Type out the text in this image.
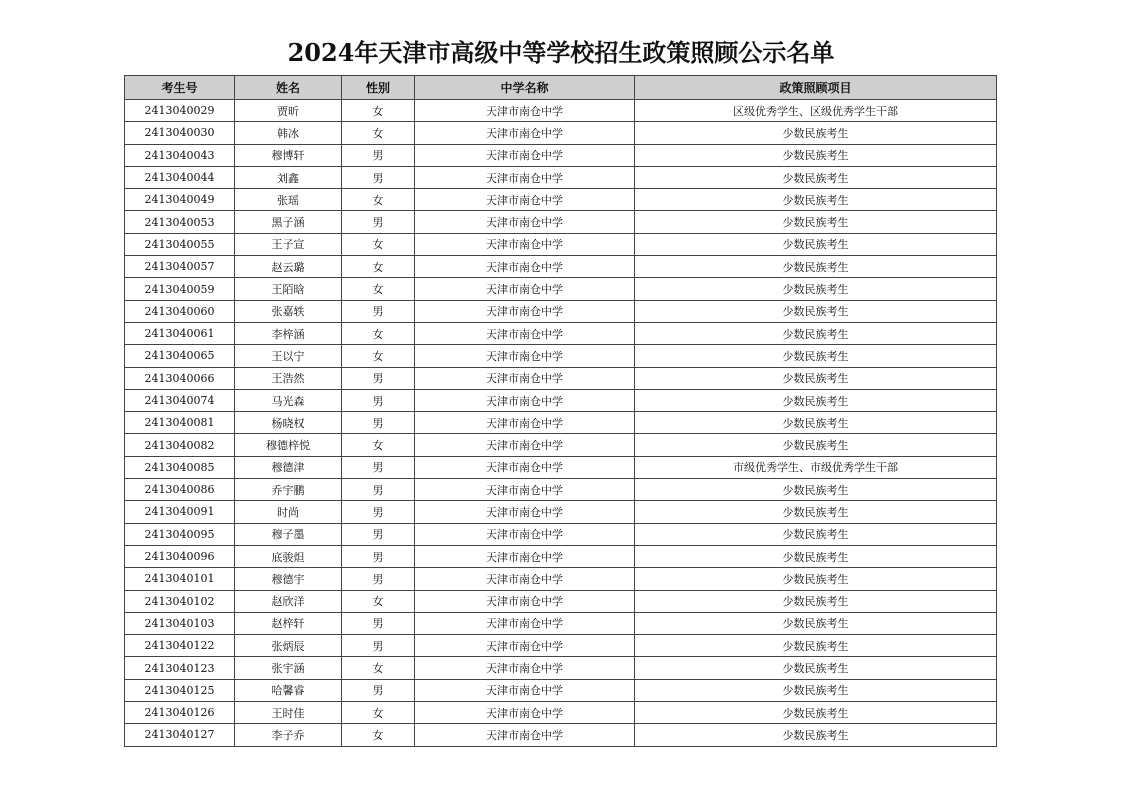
2024年天津市高级中等学校招生政策照顾公示名单
考生号	姓名	性别	中学名称	政策照顾项目
2413040029	贾昕	女	天津市南仓中学	区级优秀学生、区级优秀学生干部
2413040030	韩冰	女	天津市南仓中学	少数民族考生
2413040043	穆博轩	男	天津市南仓中学	少数民族考生
2413040044	刘鑫	男	天津市南仓中学	少数民族考生
2413040049	张瑶	女	天津市南仓中学	少数民族考生
2413040053	黑子涵	男	天津市南仓中学	少数民族考生
2413040055	王子宣	女	天津市南仓中学	少数民族考生
2413040057	赵云璐	女	天津市南仓中学	少数民族考生
2413040059	王陌晗	女	天津市南仓中学	少数民族考生
2413040060	张嘉轶	男	天津市南仓中学	少数民族考生
2413040061	李梓涵	女	天津市南仓中学	少数民族考生
2413040065	王以宁	女	天津市南仓中学	少数民族考生
2413040066	王浩然	男	天津市南仓中学	少数民族考生
2413040074	马光森	男	天津市南仓中学	少数民族考生
2413040081	杨晓权	男	天津市南仓中学	少数民族考生
2413040082	穆德梓悦	女	天津市南仓中学	少数民族考生
2413040085	穆德津	男	天津市南仓中学	市级优秀学生、市级优秀学生干部
2413040086	乔宇鹏	男	天津市南仓中学	少数民族考生
2413040091	时尚	男	天津市南仓中学	少数民族考生
2413040095	穆子墨	男	天津市南仓中学	少数民族考生
2413040096	底骏炟	男	天津市南仓中学	少数民族考生
2413040101	穆德宇	男	天津市南仓中学	少数民族考生
2413040102	赵欣洋	女	天津市南仓中学	少数民族考生
2413040103	赵梓轩	男	天津市南仓中学	少数民族考生
2413040122	张炳辰	男	天津市南仓中学	少数民族考生
2413040123	张宇涵	女	天津市南仓中学	少数民族考生
2413040125	哈馨睿	男	天津市南仓中学	少数民族考生
2413040126	王时佳	女	天津市南仓中学	少数民族考生
2413040127	李子乔	女	天津市南仓中学	少数民族考生
